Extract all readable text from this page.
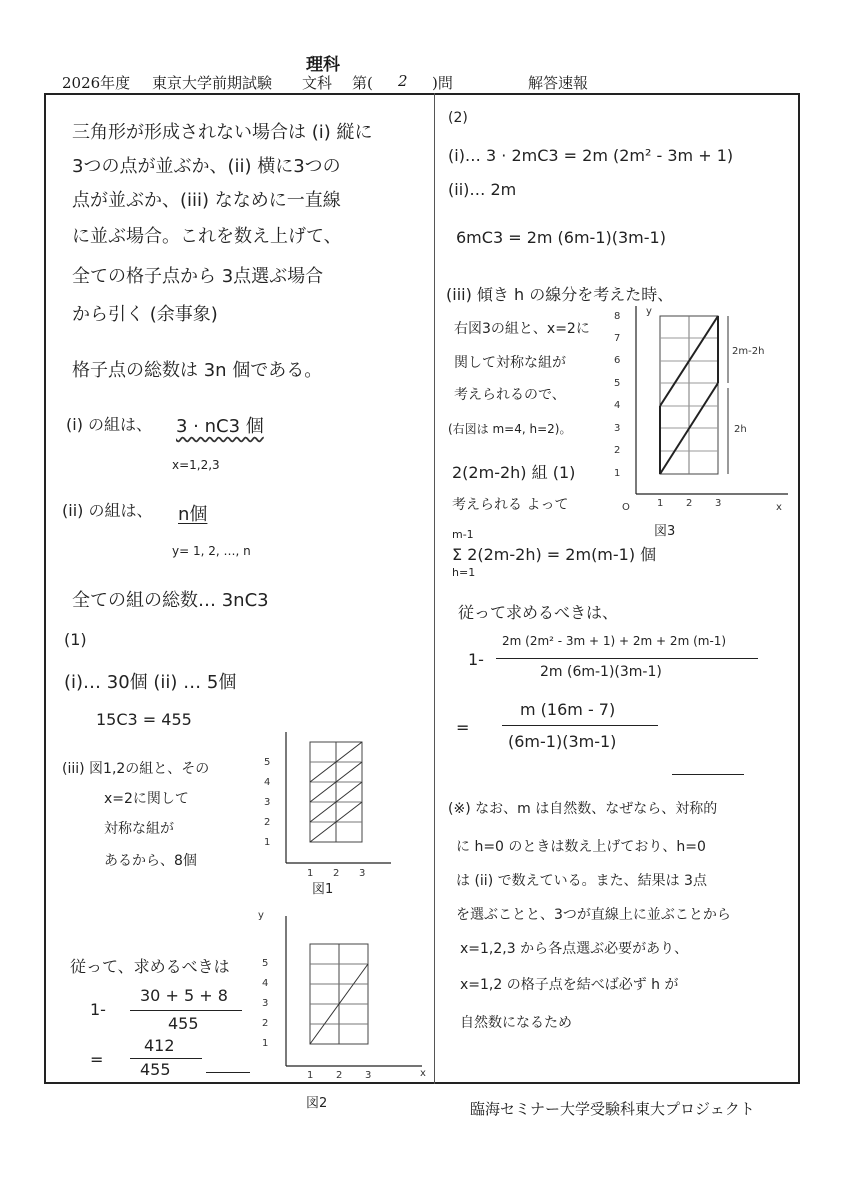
2026年度 東京大学前期試験 文科
理科
第( 2 )問	解答速報
三角形が形成されない場合は (i) 縦に
3つの点が並ぶか、(ii) 横に3つの
点が並ぶか、(iii) ななめに一直線
に並ぶ場合。これを数え上げて、
全ての格子点から 3点選ぶ場合
から引く (余事象)
格子点の総数は 3n 個である。
(i) の組は、 3 · nC3 個
x=1,2,3
(ii) の組は、 n個
y= 1, 2, …, n
全ての組の総数… 3nC3
(1)
(i)… 30個 (ii) … 5個
15C3 = 455
(iii) 図1,2の組と、その
x=2に関して
対称な組が
あるから、8個
従って、求めるべきは
1-
30 + 5 + 8
455
=
412
455
1
2
3
4
5
1 2 3
図1
y
x
1
2
3
4
5
1 2 3
図2
(2)
(i)… 3 · 2mC3 = 2m (2m² - 3m + 1)
(ii)… 2m
6mC3 = 2m (6m-1)(3m-1)
(iii) 傾き h の線分を考えた時、
右図3の組と、x=2に
関して対称な組が
考えられるので、
(右図は m=4, h=2)。
2(2m-2h) 組 (1)
考えられる よって
m-1
Σ 2(2m-2h) = 2m(m-1) 個
h=1
y
x
O
1
2
3
4
5
6
7
8
1 2 3
2m-2h
2h
図3
従って求めるべきは、
1-
2m (2m² - 3m + 1) + 2m + 2m (m-1)
2m (6m-1)(3m-1)
=
m (16m - 7)
(6m-1)(3m-1)
(※) なお、m は自然数、なぜなら、対称的
に h=0 のときは数え上げており、h=0
は (ii) で数えている。また、結果は 3点
を選ぶことと、3つが直線上に並ぶことから
x=1,2,3 から各点選ぶ必要があり、
x=1,2 の格子点を結べば必ず h が
自然数になるため
臨海セミナー大学受験科東大プロジェクト
